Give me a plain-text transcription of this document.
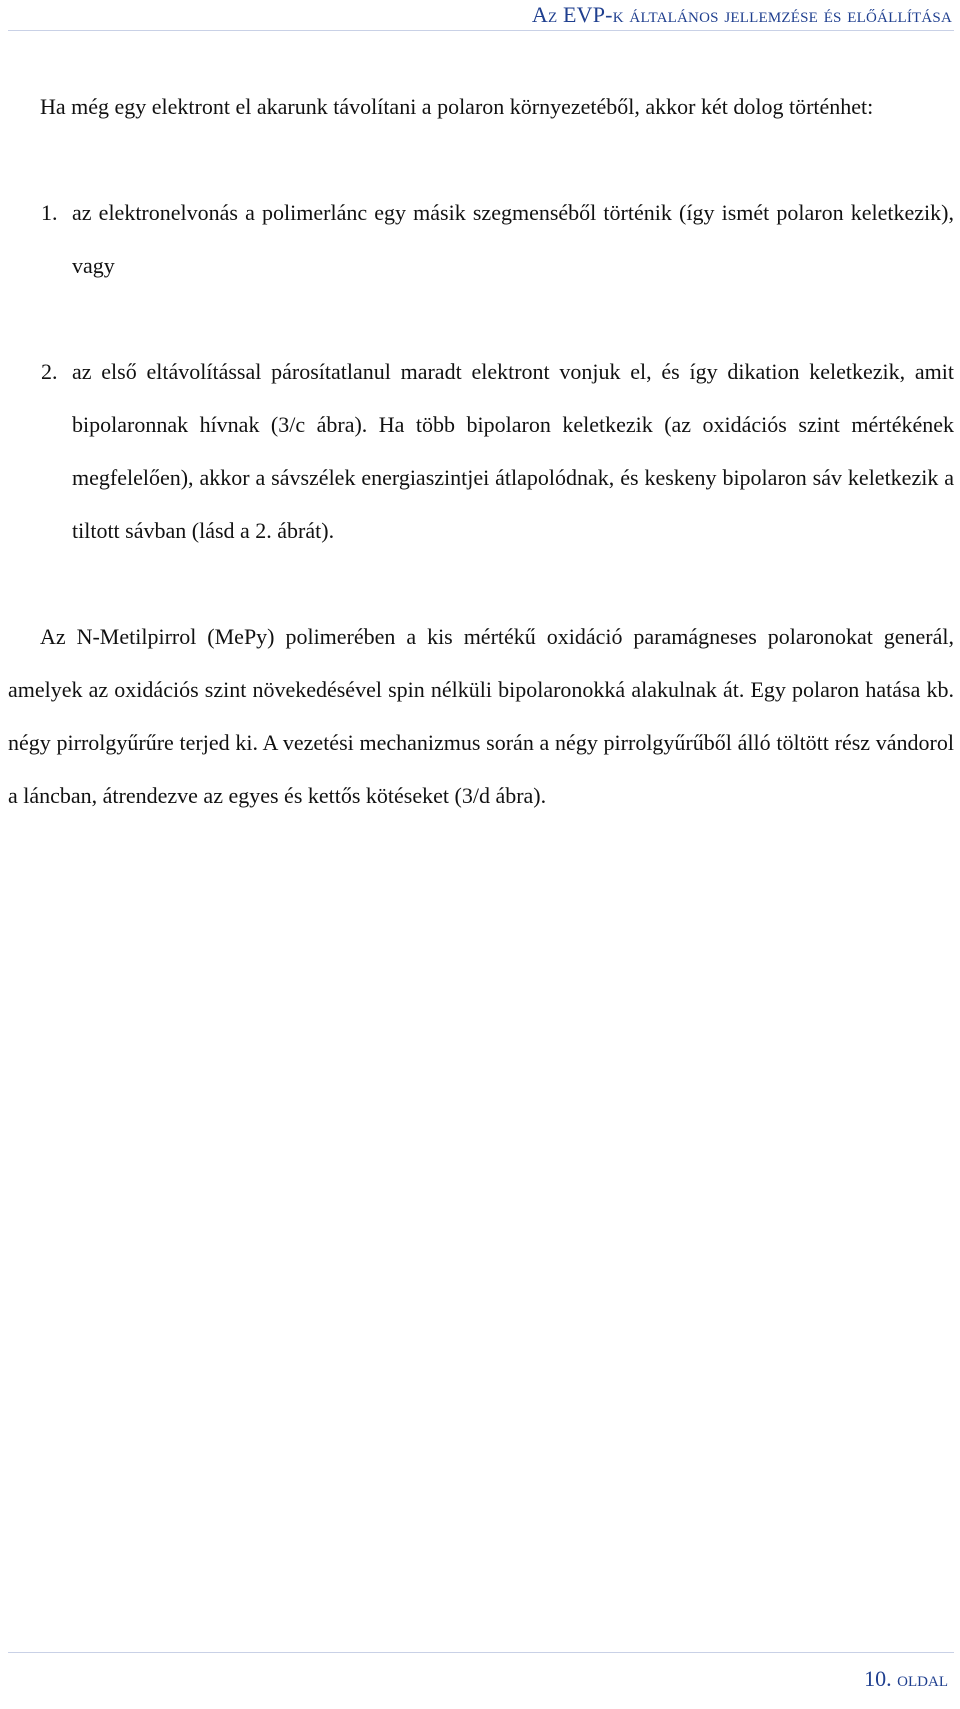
Az EVP-k általános jellemzése és előállítása

Ha még egy elektront el akarunk távolítani a polaron környezetéből, akkor két dolog történhet:

1. az elektronelvonás a polimerlánc egy másik szegmenséből történik (így ismét polaron keletkezik), vagy
2. az első eltávolítással párosítatlanul maradt elektront vonjuk el, és így dikation keletkezik, amit bipolaronnak hívnak (3/c ábra). Ha több bipolaron keletkezik (az oxidációs szint mértékének megfelelően), akkor a sávszélek energiaszintjei átlapolódnak, és keskeny bipolaron sáv keletkezik a tiltott sávban (lásd a 2. ábrát).

Az N-Metilpirrol (MePy) polimerében a kis mértékű oxidáció paramágneses polaronokat generál, amelyek az oxidációs szint növekedésével spin nélküli bipolaronokká alakulnak át. Egy polaron hatása kb. négy pirrolgyűrűre terjed ki. A vezetési mechanizmus során a négy pirrolgyűrűből álló töltött rész vándorol a láncban, átrendezve az egyes és kettős kötéseket (3/d ábra).

10. oldal
